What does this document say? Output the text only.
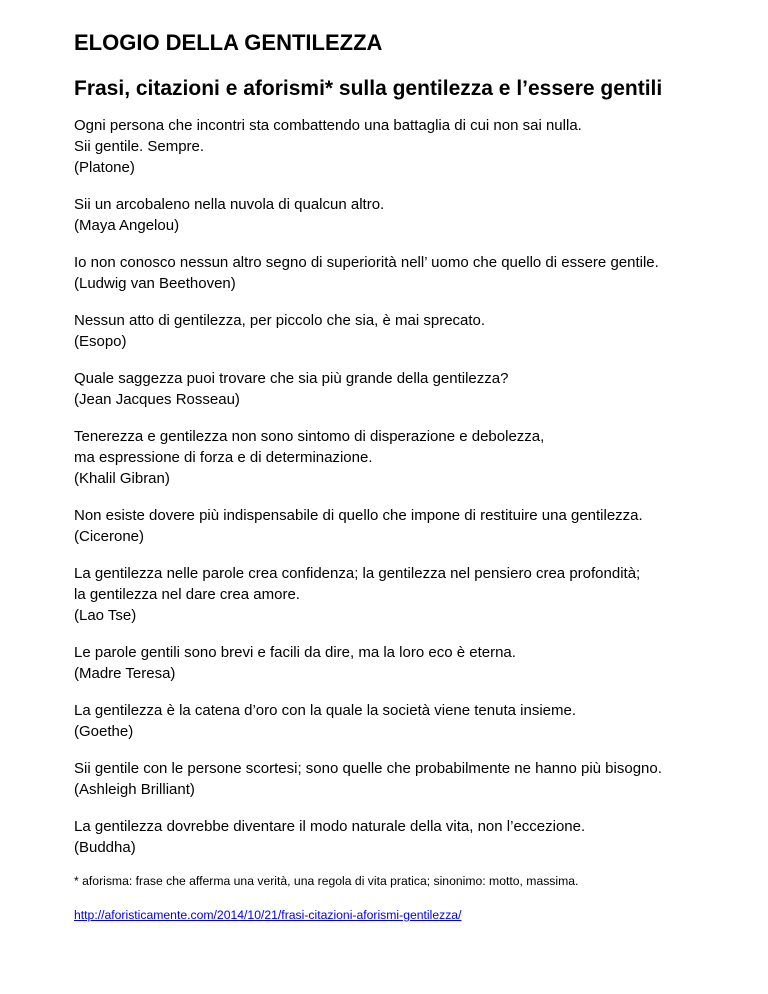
ELOGIO DELLA GENTILEZZA
Frasi, citazioni e aforismi* sulla gentilezza e l’essere gentili
Ogni persona che incontri sta combattendo una battaglia di cui non sai nulla.
Sii gentile. Sempre.
(Platone)
Sii un arcobaleno nella nuvola di qualcun altro.
(Maya Angelou)
Io non conosco nessun altro segno di superiorità nell’ uomo che quello di essere gentile.
(Ludwig van Beethoven)
Nessun atto di gentilezza, per piccolo che sia, è mai sprecato.
(Esopo)
Quale saggezza puoi trovare che sia più grande della gentilezza?
(Jean Jacques Rosseau)
Tenerezza e gentilezza non sono sintomo di disperazione e debolezza,
ma espressione di forza e di determinazione.
(Khalil Gibran)
Non esiste dovere più indispensabile di quello che impone di restituire una gentilezza.
(Cicerone)
La gentilezza nelle parole crea confidenza; la gentilezza nel pensiero crea profondità;
la gentilezza nel dare crea amore.
(Lao Tse)
Le parole gentili sono brevi e facili da dire, ma la loro eco è eterna.
(Madre Teresa)
La gentilezza è la catena d’oro con la quale la società viene tenuta insieme.
(Goethe)
Sii gentile con le persone scortesi; sono quelle che probabilmente ne hanno più bisogno.
(Ashleigh Brilliant)
La gentilezza dovrebbe diventare il modo naturale della vita, non l’eccezione.
(Buddha)
* aforisma: frase che afferma una verità, una regola di vita pratica; sinonimo: motto, massima.
http://aforisticamente.com/2014/10/21/frasi-citazioni-aforismi-gentilezza/
